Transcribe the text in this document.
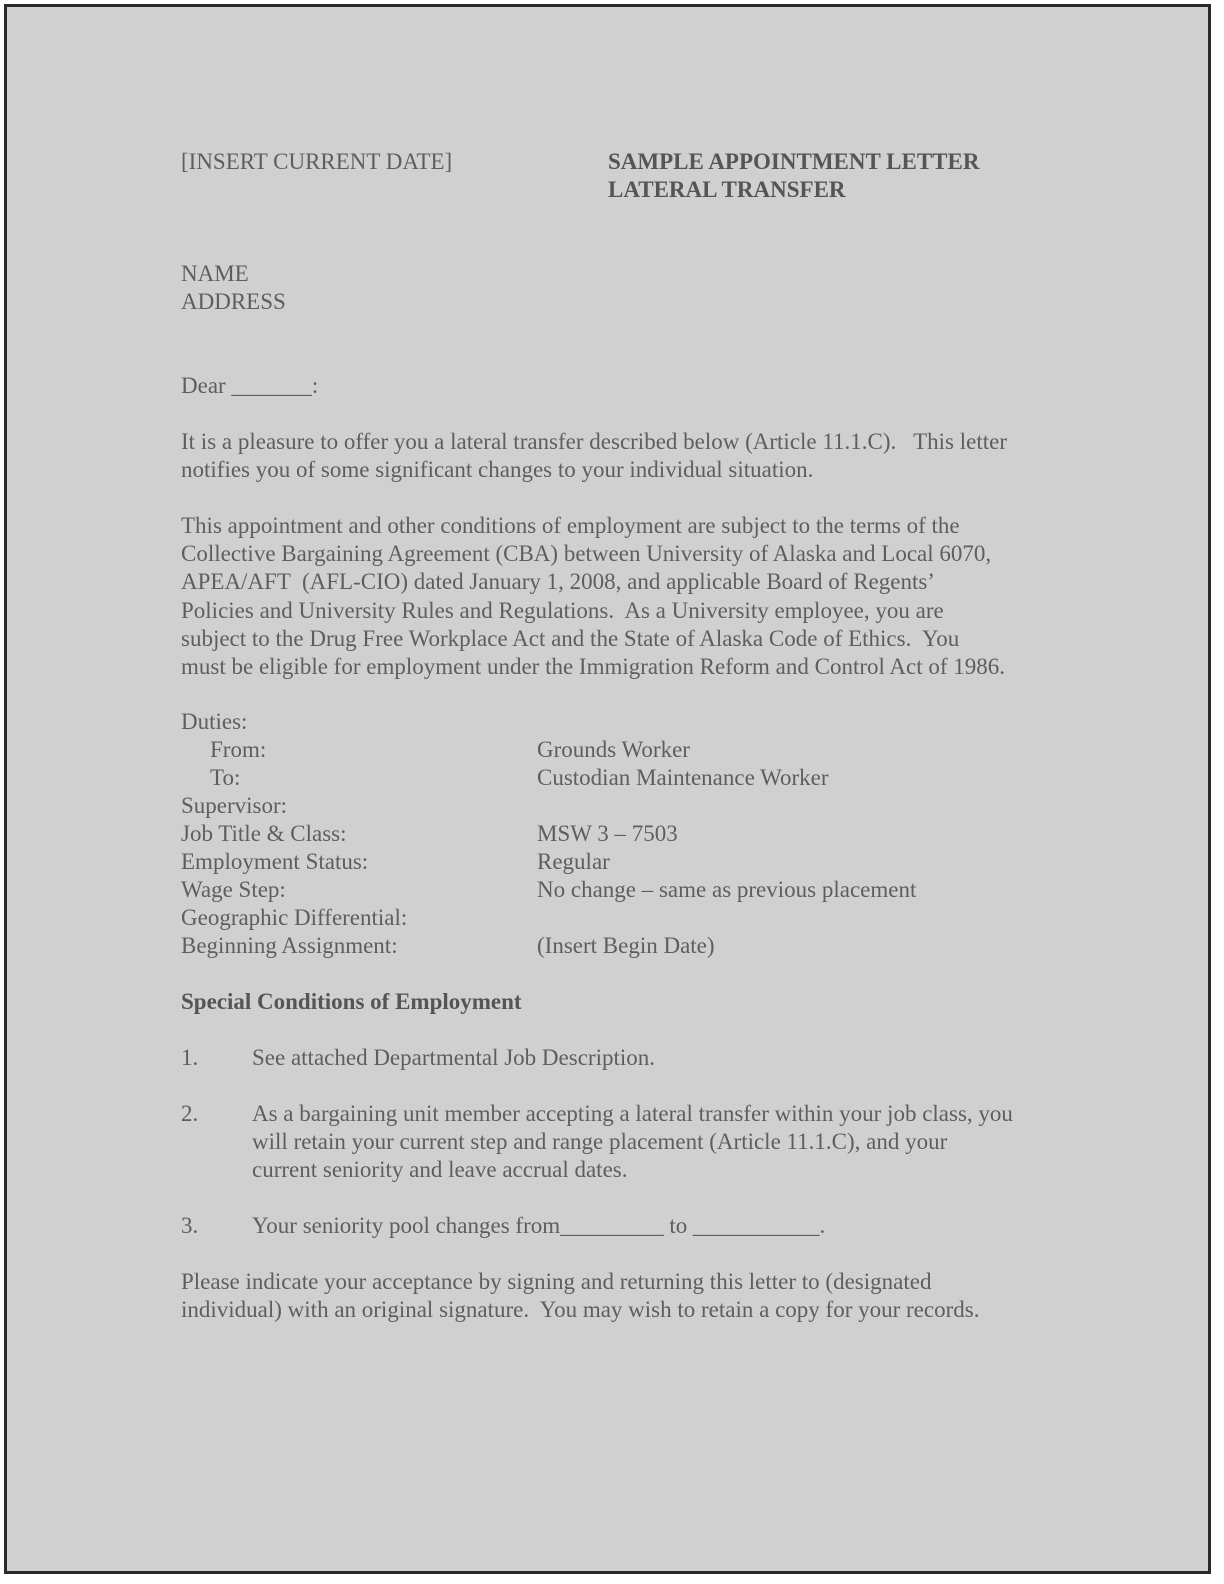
[INSERT CURRENT DATE]	SAMPLE APPOINTMENT LETTER
LATERAL TRANSFER
NAME
ADDRESS
Dear _______:
It is a pleasure to offer you a lateral transfer described below (Article 11.1.C).   This letter
notifies you of some significant changes to your individual situation.
This appointment and other conditions of employment are subject to the terms of the
Collective Bargaining Agreement (CBA) between University of Alaska and Local 6070,
APEA/AFT  (AFL-CIO) dated January 1, 2008, and applicable Board of Regents’
Policies and University Rules and Regulations.  As a University employee, you are
subject to the Drug Free Workplace Act and the State of Alaska Code of Ethics.  You
must be eligible for employment under the Immigration Reform and Control Act of 1986.
Duties:
From:	Grounds Worker
To:	Custodian Maintenance Worker
Supervisor:
Job Title & Class:	MSW 3 – 7503
Employment Status:	Regular
Wage Step:	No change – same as previous placement
Geographic Differential:
Beginning Assignment:	(Insert Begin Date)
Special Conditions of Employment
1. See attached Departmental Job Description.
2. As a bargaining unit member accepting a lateral transfer within your job class, you
will retain your current step and range placement (Article 11.1.C), and your
current seniority and leave accrual dates.
3. Your seniority pool changes from_________ to ___________.
Please indicate your acceptance by signing and returning this letter to (designated
individual) with an original signature.  You may wish to retain a copy for your records.
